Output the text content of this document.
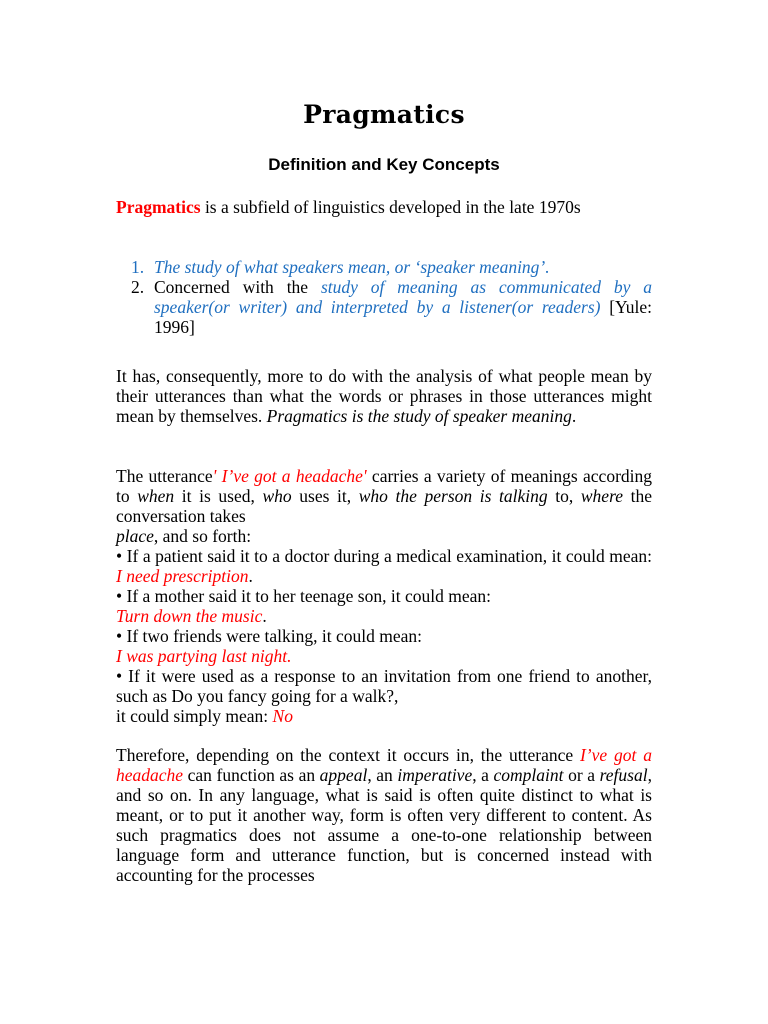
Pragmatics
Definition and Key Concepts
Pragmatics is a subfield of linguistics developed in the late 1970s
1. The study of what speakers mean, or ‘speaker meaning’.
2. Concerned with the study of meaning as communicated by a speaker(or writer) and interpreted by a listener(or readers) [Yule: 1996]
It has, consequently, more to do with the analysis of what people mean by their utterances than what the words or phrases in those utterances might mean by themselves. Pragmatics is the study of speaker meaning.
The utterance' I’ve got a headache' carries a variety of meanings according to when it is used, who uses it, who the person is talking to, where the conversation takes
place, and so forth:
• If a patient said it to a doctor during a medical examination, it could mean: I need prescription.
• If a mother said it to her teenage son, it could mean:
Turn down the music.
• If two friends were talking, it could mean:
I was partying last night.
• If it were used as a response to an invitation from one friend to another, such as Do you fancy going for a walk?,
it could simply mean: No
Therefore, depending on the context it occurs in, the utterance I’ve got a headache can function as an appeal, an imperative, a complaint or a refusal, and so on. In any language, what is said is often quite distinct to what is meant, or to put it another way, form is often very different to content. As such pragmatics does not assume a one-to-one relationship between language form and utterance function, but is concerned instead with accounting for the processes
